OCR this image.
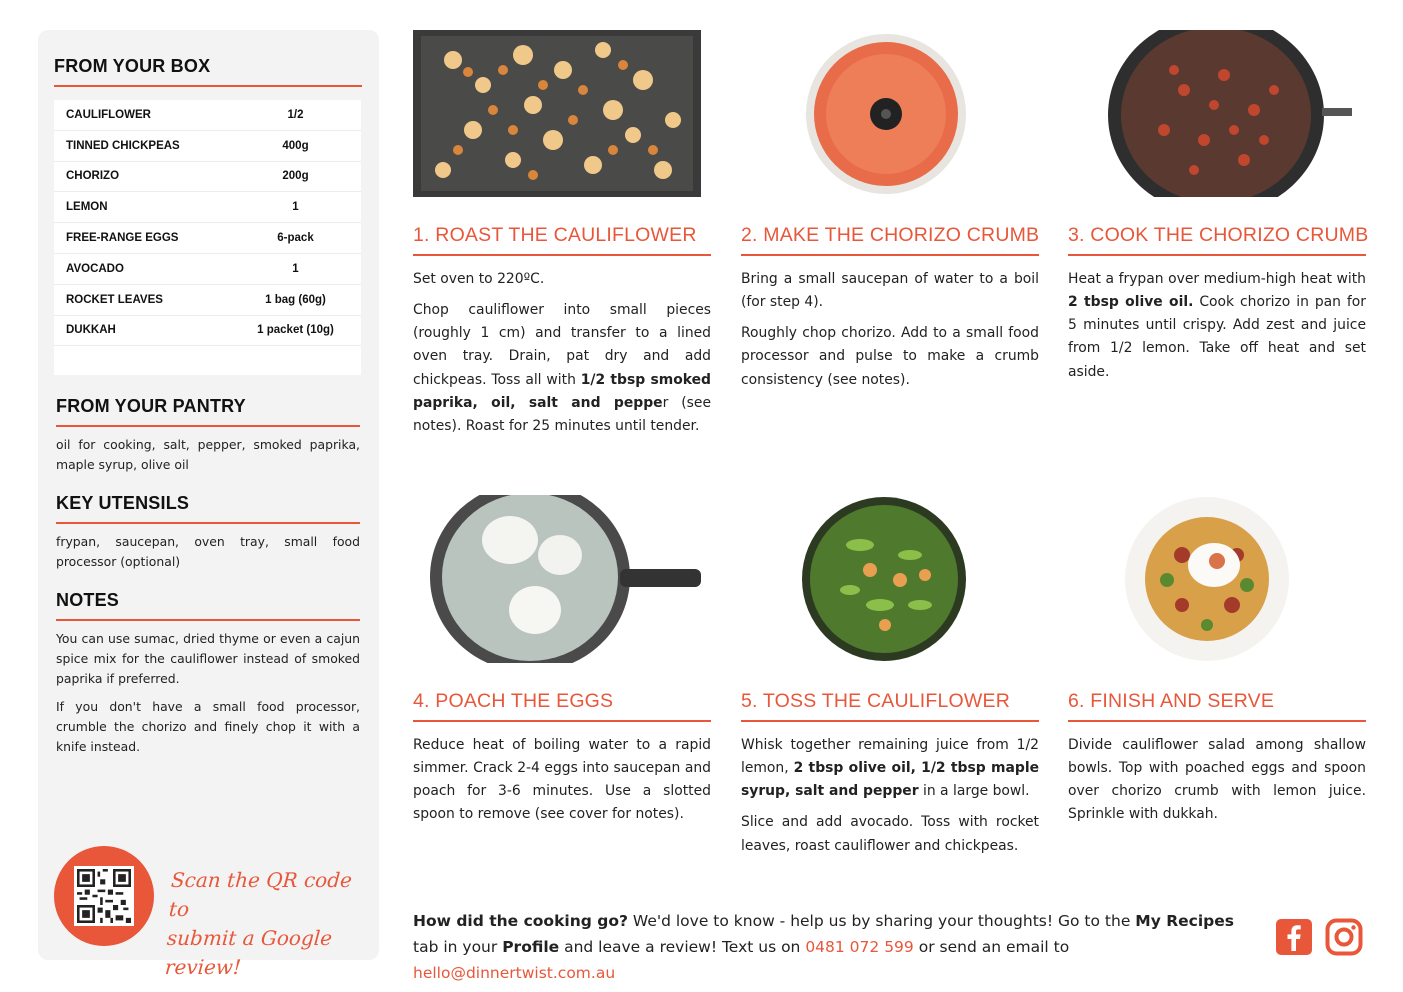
FROM YOUR BOX
CAULIFLOWER	1/2
TINNED CHICKPEAS	400g
CHORIZO	200g
LEMON	1
FREE-RANGE EGGS	6-pack
AVOCADO	1
ROCKET LEAVES	1 bag (60g)
DUKKAH	1 packet (10g)
FROM YOUR PANTRY
oil for cooking, salt, pepper, smoked paprika, maple syrup, olive oil
KEY UTENSILS
frypan, saucepan, oven tray, small food processor (optional)
NOTES
You can use sumac, dried thyme or even a cajun spice mix for the cauliflower instead of smoked paprika if preferred.
If you don't have a small food processor, crumble the chorizo and finely chop it with a knife instead.
Scan the QR code to
submit a Google review!
1. ROAST THE CAULIFLOWER

Set oven to 220ºC.

Chop cauliflower into small pieces (roughly 1 cm) and transfer to a lined oven tray. Drain, pat dry and add chickpeas. Toss all with 1/2 tbsp smoked paprika, oil, salt and pepper (see notes). Roast for 25 minutes until tender.

2. MAKE THE CHORIZO CRUMB

Bring a small saucepan of water to a boil (for step 4).

Roughly chop chorizo. Add to a small food processor and pulse to make a crumb consistency (see notes).

3. COOK THE CHORIZO CRUMB

Heat a frypan over medium-high heat with 2 tbsp olive oil. Cook chorizo in pan for 5 minutes until crispy. Add zest and juice from 1/2 lemon. Take off heat and set aside.

4. POACH THE EGGS

Reduce heat of boiling water to a rapid simmer. Crack 2-4 eggs into saucepan and poach for 3-6 minutes. Use a slotted spoon to remove (see cover for notes).

5. TOSS THE CAULIFLOWER

Whisk together remaining juice from 1/2 lemon, 2 tbsp olive oil, 1/2 tbsp maple syrup, salt and pepper in a large bowl.

Slice and add avocado. Toss with rocket leaves, roast cauliflower and chickpeas.

6. FINISH AND SERVE

Divide cauliflower salad among shallow bowls. Top with poached eggs and spoon over chorizo crumb with lemon juice. Sprinkle with dukkah.

How did the cooking go? We'd love to know - help us by sharing your thoughts! Go to the My Recipes tab in your Profile and leave a review! Text us on 0481 072 599 or send an email to hello@dinnertwist.com.au
